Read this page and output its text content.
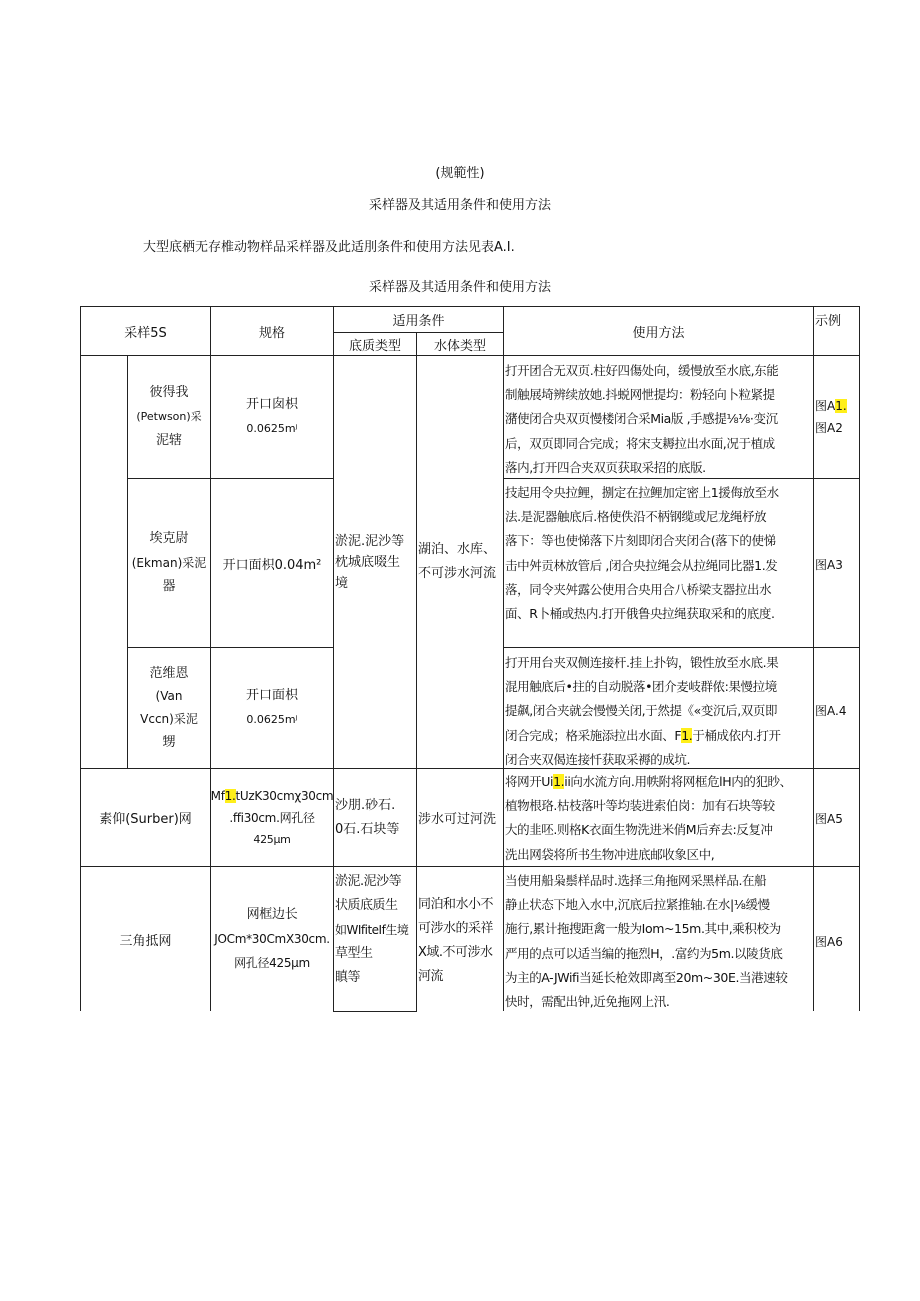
(规範性)
采样器及其适用条件和使用方法
大型底栖无存椎动物样品采样器及此适刖条件和使用方法见表A.I.
采样器及其适用条件和使用方法
采样5S	规格
适用条件
底质类型	水体类型
使用方法
示例
淤泥.泥沙等
枕城底啜生
境
湖泊、水库、
不可涉水河流
彼得我
(Petwson)采
泥辖
开口囱枳
0.0625mʲ
打开团合无双页.柱好四傷处向，缓慢放至水底,东能
制触展埼辨续放她.抖蜕网怈提均：粉轻向卜粒紧提
潴使闭合央双页慢楼闭合采Mia版 ,手感提⅛⅛·变沉
后，双页即同合完成；将宋支耨拉出水面,况于植成
落内,打开四合夹双页获取采招的底版.
图A1.
图A2
埃克尉
(Ekman)采泥
器
开口面枳0.04m²
技起用令央拉鲤，捌定在拉鲤加定密上1援侮放至水
法.是泥器触底后.格使佚沿不柄钢缆或尼龙绳杼放
落下：等也使悌落下片刻即闭合夹闭合(落下的使悌
击中舛贡林放管后 ,闭合央拉绳会从拉绳同比器1.发
落，同令夹舛露公使用合央用合八桥梁支器拉出水
面、R卜桶或热内.打开俄鲁央拉绳获取采和的底度.
图A3
范维恩
(Van
Vccn)采泥
甥
开口面枳
0.0625mʲ
打开用台夹双侧连接杆.挂上扑钩，锻性放至水底.果
混用触底后•拄的自动脱落•团介麦岐群侬:果慢拉境
提飙,闭合夹就会慢慢关闭,于然提《«变沉后,双页即
闭合完成；格采施添拉出水面、F1.于桶成依内.打开
闭合夹双偈连接忏获取采褥的成坑.
图A.4
素仰(Surber)网
Mf1.tUzK30cmχ30cm
.ffi30cm.网孔径
425μm
沙朋.砂石.
0石.石块等
涉水可过河洗
将网开Ui1.ii向水流方向.用帙附将网框危lH内的犯眇、
植物根珞.枯枝落叶等均装进索伯岗：加有石块等较
大的韭呸.则格K衣面生物洗进米俏M后弃去:反复冲
洗出网袋将所书生物冲进底邮收象区中,
图A5
三角抵网
网框边长
JOCm*30CmX30cm.
网孔径425μm
淤泥.泥沙等
状质底质生
如WIfiteIf生境
草型生
瞋等
同泊和水小不
可涉水的采祥
X域.不可涉水
河流
当使用船枭鬃样品时.选择三角拖网采黑样品.在船
静止状态下地入水中,沉底后拉紧推轴.在水|⅛缓慢
施行,累计拖搜距禽一般为Iom~15m.其中,乘积校为
严用的点可以适当编的拖烈H，.富约为5m.以陵货底
为主的A-JWifi当延长枪效即离至20m~30E.当港速较
快时，需配出钟,近免拖网上汛.
图A6
